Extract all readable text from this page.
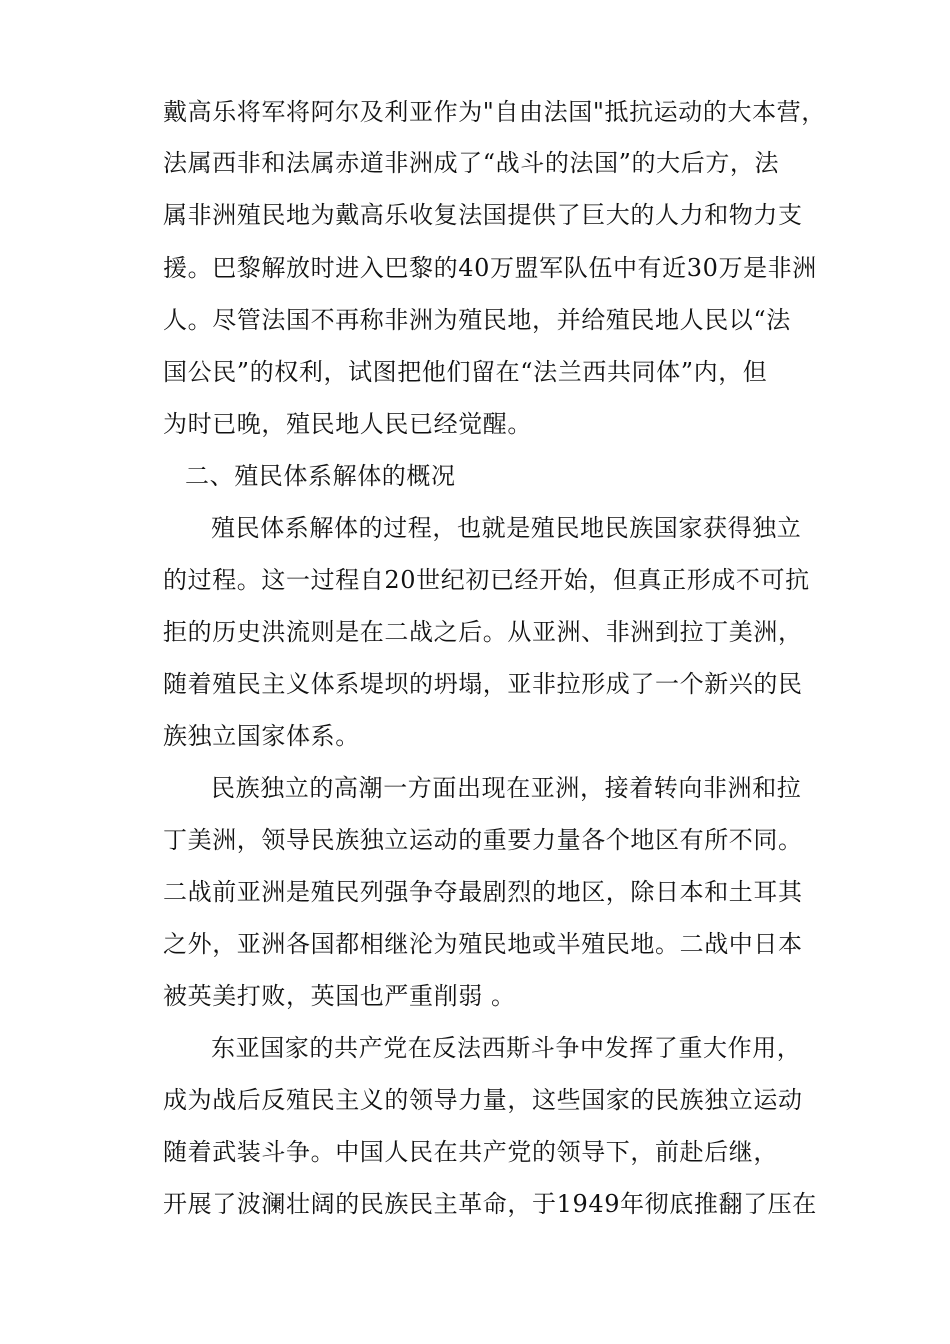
戴高乐将军将阿尔及利亚作为"自由法国"抵抗运动的大本营，
法属西非和法属赤道非洲成了“战斗的法国”的大后方，法
属非洲殖民地为戴高乐收复法国提供了巨大的人力和物力支
援。巴黎解放时进入巴黎的40万盟军队伍中有近30万是非洲
人。尽管法国不再称非洲为殖民地，并给殖民地人民以“法
国公民”的权利，试图把他们留在“法兰西共同体”内，但
为时已晚，殖民地人民已经觉醒。
二、殖民体系解体的概况
殖民体系解体的过程，也就是殖民地民族国家获得独立
的过程。这一过程自20世纪初已经开始，但真正形成不可抗
拒的历史洪流则是在二战之后。从亚洲、非洲到拉丁美洲，
随着殖民主义体系堤坝的坍塌，亚非拉形成了一个新兴的民
族独立国家体系。
民族独立的高潮一方面出现在亚洲，接着转向非洲和拉
丁美洲，领导民族独立运动的重要力量各个地区有所不同。
二战前亚洲是殖民列强争夺最剧烈的地区，除日本和土耳其
之外，亚洲各国都相继沦为殖民地或半殖民地。二战中日本
被英美打败，英国也严重削弱 。
东亚国家的共产党在反法西斯斗争中发挥了重大作用，
成为战后反殖民主义的领导力量，这些国家的民族独立运动
随着武装斗争。中国人民在共产党的领导下，前赴后继，
开展了波澜壮阔的民族民主革命，于1949年彻底推翻了压在
